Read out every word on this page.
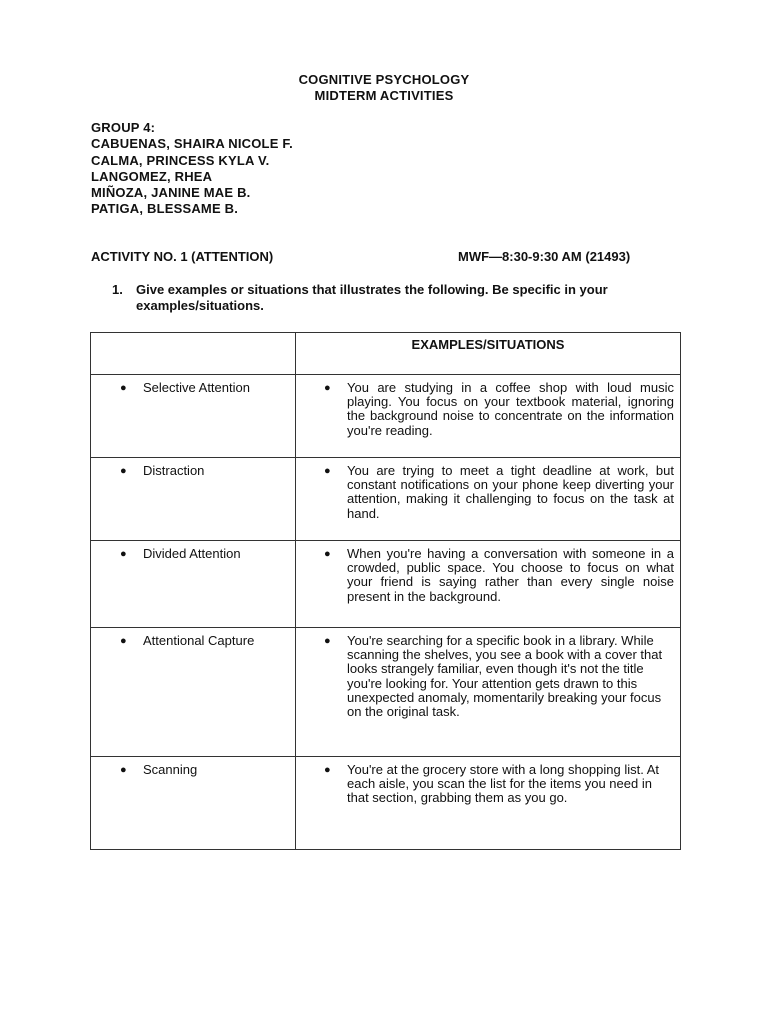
COGNITIVE PSYCHOLOGY
MIDTERM ACTIVITIES
GROUP 4:
CABUENAS, SHAIRA NICOLE F.
CALMA, PRINCESS KYLA V.
LANGOMEZ, RHEA
MIÑOZA, JANINE MAE B.
PATIGA, BLESSAME B.
ACTIVITY NO. 1 (ATTENTION)	MWF—8:30-9:30 AM (21493)
1. Give examples or situations that illustrates the following. Be specific in your examples/situations.
	EXAMPLES/SITUATIONS

● Selective Attention	● You are studying in a coffee shop with loud music playing. You focus on your textbook material, ignoring the background noise to concentrate on the information you're reading.

● Distraction	● You are trying to meet a tight deadline at work, but constant notifications on your phone keep diverting your attention, making it challenging to focus on the task at hand.

● Divided Attention	● When you're having a conversation with someone in a crowded, public space. You choose to focus on what your friend is saying rather than every single noise present in the background.

● Attentional Capture	● You're searching for a specific book in a library. While scanning the shelves, you see a book with a cover that looks strangely familiar, even though it's not the title you're looking for. Your attention gets drawn to this unexpected anomaly, momentarily breaking your focus on the original task.

● Scanning	● You're at the grocery store with a long shopping list. At each aisle, you scan the list for the items you need in that section, grabbing them as you go.
